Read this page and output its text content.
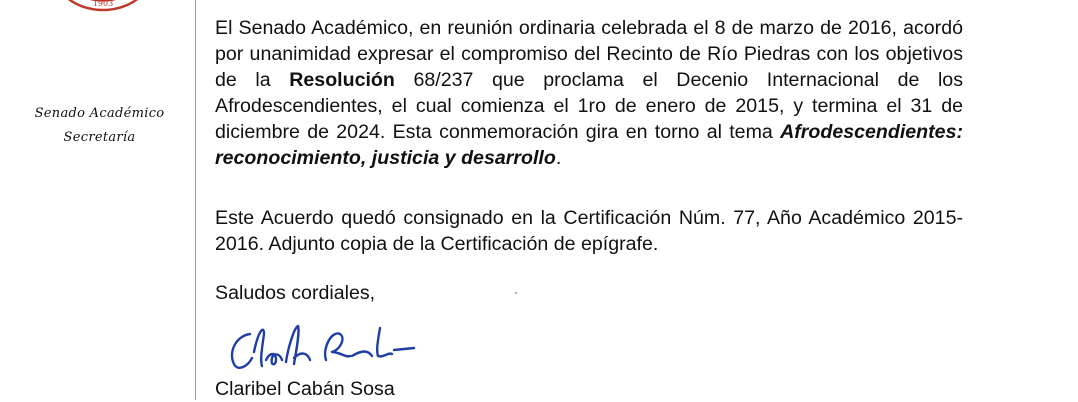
1903
Senado Académico
Secretaría

El Senado Académico, en reunión ordinaria celebrada el 8 de marzo de 2016, acordó por unanimidad expresar el compromiso del Recinto de Río Piedras con los objetivos de la Resolución 68/237 que proclama el Decenio Internacional de los Afrodescendientes, el cual comienza el 1ro de enero de 2015, y termina el 31 de diciembre de 2024. Esta conmemoración gira en torno al tema Afrodescendientes: reconocimiento, justicia y desarrollo.

Este Acuerdo quedó consignado en la Certificación Núm. 77, Año Académico 2015-2016. Adjunto copia de la Certificación de epígrafe.

Saludos cordiales,
Claribel Cabán Sosa
